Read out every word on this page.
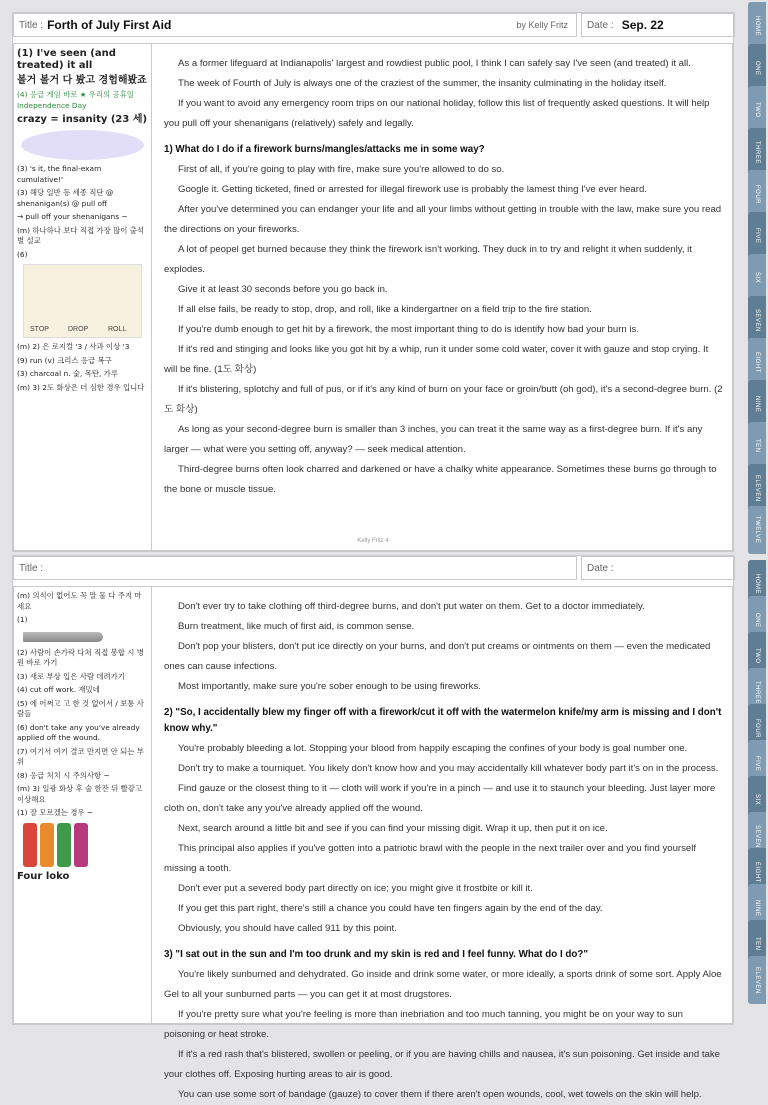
Title : Forth of July First Aid	by Kelly Fritz Date : Sep. 22
(1) I've seen (and treated) it all
볼거 볼거 다 봤고 경험해봤죠
(4) 응급 게임 바로 ★ 우리의 공휴일 Independence Day
crazy = insanity (23 세)
(3) 's it, the final-exam cumulative!'
(3) 해당 일반 등 세종 직단 @ shenanigan(s) @ pull off
→ pull off your shenanigans ~
(m) 하나하나 보다 직접 가장 많이 출석 별 설교
(6)
STOP	DROP	ROLL
(m) 2) 은 로지컬 '3 / 사과 이상 '3
(9) run (v) 크리스 응급 복구
(3) charcoal n. 숯, 목탄, 가루
(m) 3) 2도 화상은 더 심한 경우 입니다

As a former lifeguard at Indianapolis' largest and rowdiest public pool, I think I can safely say I've seen (and treated) it all.

The week of Fourth of July is always one of the craziest of the summer, the insanity culminating in the holiday itself.

If you want to avoid any emergency room trips on our national holiday, follow this list of frequently asked questions. It will help you pull off your shenanigans (relatively) safely and legally.

1) What do I do if a firework burns/mangles/attacks me in some way?

First of all, if you're going to play with fire, make sure you're allowed to do so.

Google it. Getting ticketed, fined or arrested for illegal firework use is probably the lamest thing I've ever heard.

After you've determined you can endanger your life and all your limbs without getting in trouble with the law, make sure you read the directions on your fireworks.

A lot of peopel get burned because they think the firework isn't working. They duck in to try and relight it when suddenly, it explodes.

Give it at least 30 seconds before you go back in.

If all else fails, be ready to stop, drop, and roll, like a kindergartner on a field trip to the fire station.

If you're dumb enough to get hit by a firework, the most important thing to do is identify how bad your burn is.

If it's red and stinging and looks like you got hit by a whip, run it under some cold water, cover it with gauze and stop crying. It will be fine. (1도 화상)

If it's blistering, splotchy and full of pus, or if it's any kind of burn on your face or groin/butt (oh god), it's a second-degree burn. (2도 화상)

As long as your second-degree burn is smaller than 3 inches, you can treat it the same way as a first-degree burn. If it's any larger — what were you setting off, anyway? — seek medical attention.

Third-degree burns often look charred and darkened or have a chalky white appearance. Sometimes these burns go through to the bone or muscle tissue.

Kelly Fritz 4
Title :	Date :
(m) 의식이 없어도 꼭 말 물 다 주지 마세요
(1)
(2) 사람이 손가락 다쳐 직접 봉합 시 병원 바로 가기
(3) 새로 부상 입은 사람 데려가기
(4) cut off work. 재밌네
(5) 에 어쩌고 고 한 것 없어서 / 보통 사람들
(6) don't take any you've already applied off the wound.
(7) 여기서 여기 결코 만지면 안 되는 부위
(8) 응급 처치 시 주의사항 ~
(m) 3) 일광 화상 후 술 한잔 뒤 빨갛고 이상해요
(1) 잘 모르겠는 경우 ~
Four loko

Don't ever try to take clothing off third-degree burns, and don't put water on them. Get to a doctor immediately.

Burn treatment, like much of first aid, is common sense.

Don't pop your blisters, don't put ice directly on your burns, and don't put creams or ointments on them — even the medicated ones can cause infections.

Most importantly, make sure you're sober enough to be using fireworks.

2) "So, I accidentally blew my finger off with a firework/cut it off with the watermelon knife/my arm is missing and I don't know why."

You're probably bleeding a lot. Stopping your blood from happily escaping the confines of your body is goal number one.

Don't try to make a tourniquet. You likely don't know how and you may accidentally kill whatever body part it's on in the process.

Find gauze or the closest thing to it — cloth will work if you're in a pinch — and use it to staunch your bleeding. Just layer more cloth on, don't take any you've already applied off the wound.

Next, search around a little bit and see if you can find your missing digit. Wrap it up, then put it on ice.

This principal also applies if you've gotten into a patriotic brawl with the people in the next trailer over and you find yourself missing a tooth.

Don't ever put a severed body part directly on ice; you might give it frostbite or kill it.

If you get this part right, there's still a chance you could have ten fingers again by the end of the day.

Obviously, you should have called 911 by this point.

3) "I sat out in the sun and I'm too drunk and my skin is red and I feel funny. What do I do?"

You're likely sunburned and dehydrated. Go inside and drink some water, or more ideally, a sports drink of some sort. Apply Aloe Gel to all your sunburned parts — you can get it at most drugstores.

If you're pretty sure what you're feeling is more than inebriation and too much tanning, you might be on your way to sun poisoning or heat stroke.

If it's a red rash that's blistered, swollen or peeling, or if you are having chills and nausea, it's sun poisoning. Get inside and take your clothes off. Exposing hurting areas to air is good.

You can use some sort of bandage (gauze) to cover them if there aren't open wounds, cool, wet towels on the skin will help.

HOME
ONE
TWO
THREE
FOUR
FIVE
SIX
SEVEN
EIGHT
NINE
TEN
ELEVEN
TWELVE
HOME
ONE
TWO
THREE
FOUR
FIVE
SIX
SEVEN
EIGHT
NINE
TEN
ELEVEN
